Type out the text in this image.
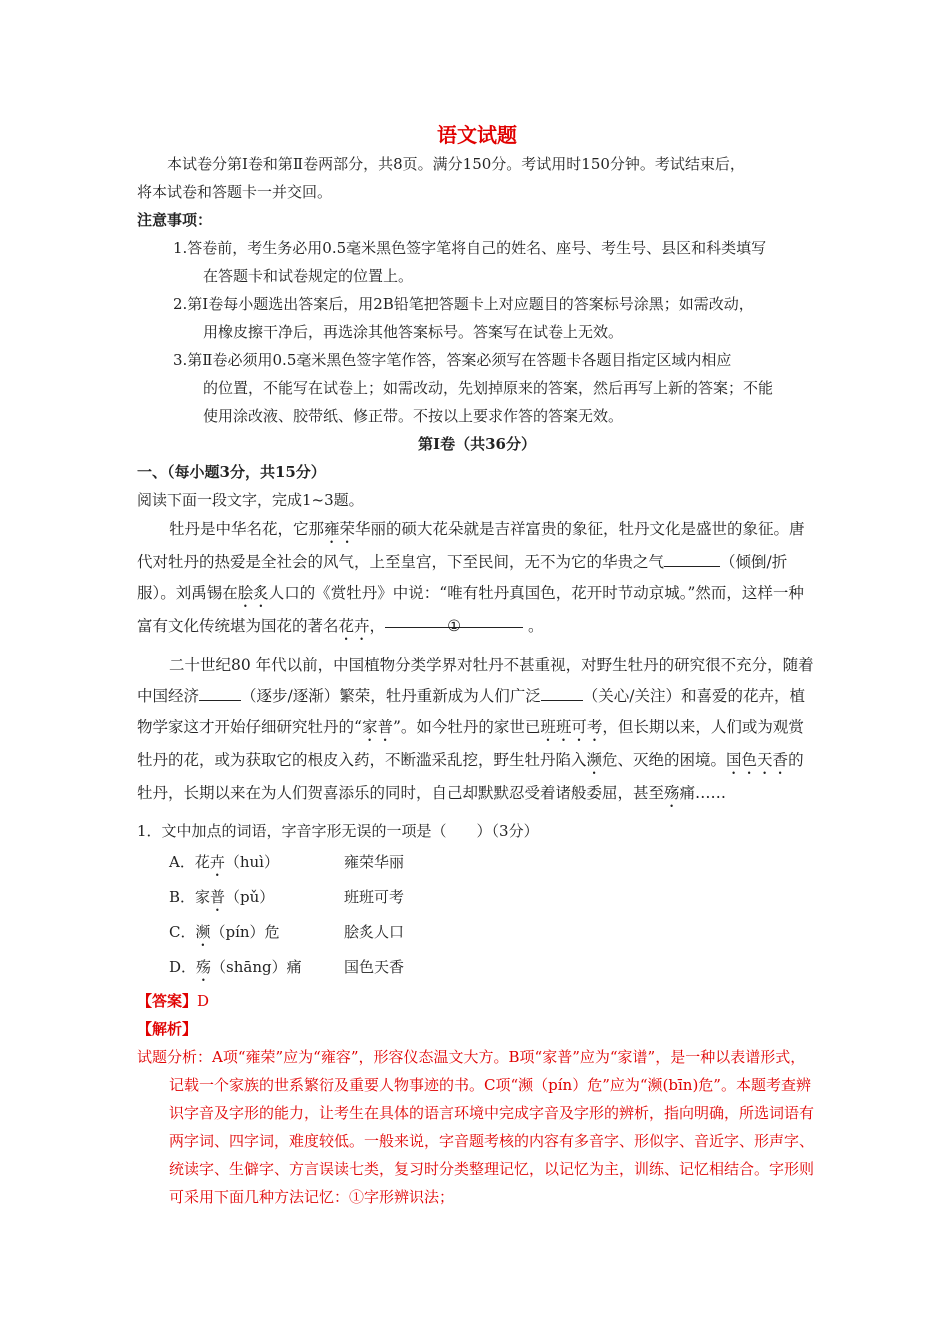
语文试题

本试卷分第Ⅰ卷和第Ⅱ卷两部分，共8页。满分150分。考试用时150分钟。考试结束后，

将本试卷和答题卡一并交回。

注意事项：

1.答卷前，考生务必用0.5毫米黑色签字笔将自己的姓名、座号、考生号、县区和科类填写

在答题卡和试卷规定的位置上。

2.第Ⅰ卷每小题选出答案后，用2B铅笔把答题卡上对应题目的答案标号涂黑；如需改动，

用橡皮擦干净后，再选涂其他答案标号。答案写在试卷上无效。

3.第Ⅱ卷必须用0.5毫米黑色签字笔作答，答案必须写在答题卡各题目指定区域内相应

的位置，不能写在试卷上；如需改动，先划掉原来的答案，然后再写上新的答案；不能

使用涂改液、胶带纸、修正带。不按以上要求作答的答案无效。

第Ⅰ卷（共36分）

一、（每小题3分，共15分）

阅读下面一段文字，完成1~3题。

牡丹是中华名花，它那雍荣华丽的硕大花朵就是吉祥富贵的象征，牡丹文化是盛世的象征。唐代对牡丹的热爱是全社会的风气，上至皇宫，下至民间，无不为它的华贵之气	（倾倒/折服）。刘禹锡在脍炙人口的《赏牡丹》中说：“唯有牡丹真国色，花开时节动京城。”然而，这样一种富有文化传统堪为国花的著名花卉，	①	。

二十世纪80 年代以前，中国植物分类学界对牡丹不甚重视，对野生牡丹的研究很不充分，随着中国经济	（逐步/逐渐）繁荣，牡丹重新成为人们广泛	（关心/关注）和喜爱的花卉，植物学家这才开始仔细研究牡丹的“家普”。如今牡丹的家世已班班可考，但长期以来，人们或为观赏牡丹的花，或为获取它的根皮入药，不断滥采乱挖，野生牡丹陷入濒危、灭绝的困境。国色天香的牡丹，长期以来在为人们贺喜添乐的同时，自己却默默忍受着诸般委屈，甚至殇痛……

1．文中加点的词语，字音字形无误的一项是（　　）（3分）

A．花卉（huì）	雍荣华丽
B．家普（pǔ）	班班可考
C．濒（pín）危	脍炙人口
D．殇（shāng）痛	国色天香

【答案】D

【解析】

试题分析：A项“雍荣”应为“雍容”，形容仪态温文大方。B项“家普”应为“家谱”，是一种以表谱形式，记载一个家族的世系繁衍及重要人物事迹的书。C项“濒（pín）危”应为“濒(bīn)危”。本题考查辨识字音及字形的能力，让考生在具体的语言环境中完成字音及字形的辨析，指向明确，所选词语有两字词、四字词，难度较低。一般来说，字音题考核的内容有多音字、形似字、音近字、形声字、统读字、生僻字、方言误读七类，复习时分类整理记忆，以记忆为主，训练、记忆相结合。字形则可采用下面几种方法记忆：①字形辨识法；
